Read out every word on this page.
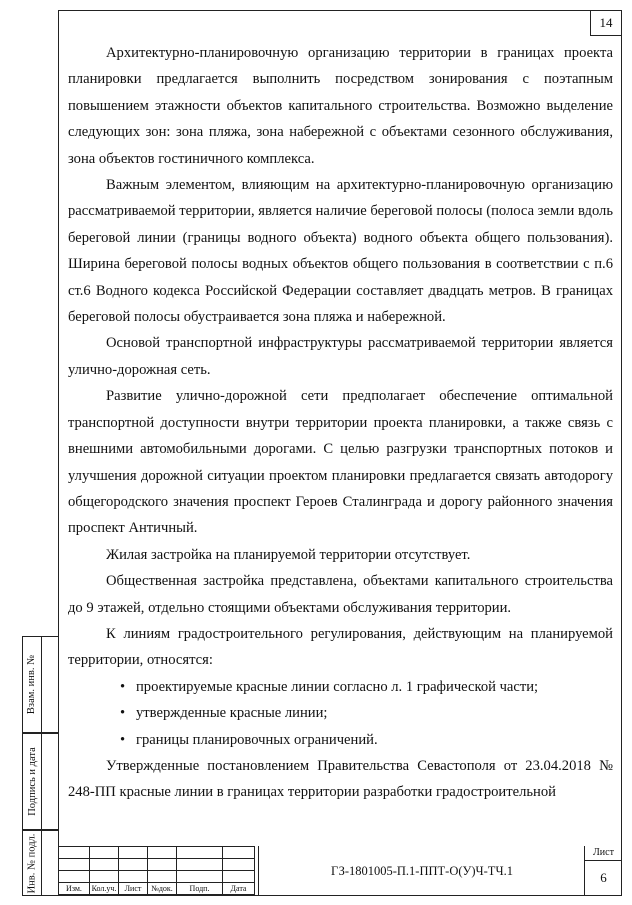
14

Архитектурно-планировочную организацию территории в границах проекта планировки предлагается выполнить посредством зонирования с поэтапным повышением этажности объектов капитального строительства. Возможно выделение следующих зон: зона пляжа, зона набережной с объектами сезонного обслуживания, зона объектов гостиничного комплекса.

Важным элементом, влияющим на архитектурно-планировочную организацию рассматриваемой территории, является наличие береговой полосы (полоса земли вдоль береговой линии (границы водного объекта) водного объекта общего пользования). Ширина береговой полосы водных объектов общего пользования в соответствии с п.6 ст.6 Водного кодекса Российской Федерации составляет двадцать метров. В границах береговой полосы обустраивается зона пляжа и набережной.

Основой транспортной инфраструктуры рассматриваемой территории является улично-дорожная сеть.

Развитие улично-дорожной сети предполагает обеспечение оптимальной транспортной доступности внутри территории проекта планировки, а также связь с внешними автомобильными дорогами. С целью разгрузки транспортных потоков и улучшения дорожной ситуации проектом планировки предлагается связать автодорогу общегородского значения проспект Героев Сталинграда и дорогу районного значения проспект Античный.

Жилая застройка на планируемой территории отсутствует.

Общественная застройка представлена, объектами капитального строительства до 9 этажей, отдельно стоящими объектами обслуживания территории.

К линиям градостроительного регулирования, действующим на планируемой территории, относятся:

• проектируемые красные линии согласно л. 1 графической части;
• утвержденные красные линии;
• границы планировочных ограничений.

Утвержденные постановлением Правительства Севастополя от 23.04.2018 № 248-ПП красные линии в границах территории разработки градостроительной

Взам. инв. №
Подпись и дата
Инв. № подл.

						Изм.	Кол.уч.	Лист	№док.	Подп.	Дата
ГЗ-1801005-П.1-ППТ-О(У)Ч-ТЧ.1
Лист
6
